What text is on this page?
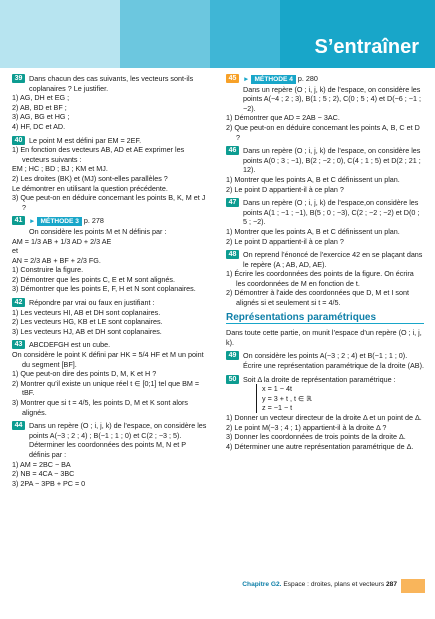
S’entraîner
39 Dans chacun des cas suivants, les vecteurs sont-ils coplanaires ? Le justifier.
1) AG, DH et EG ;
2) AB, BD et BF ;
3) AG, BG et HG ;
4) HF, DC et AD.
40 Le point M est défini par EM = 2EF.
1) En fonction des vecteurs AB, AD et AE exprimer les vecteurs suivants :
EM ; HC ; BD ; BJ ; KM et MJ.
2) Les droites (BK) et (MJ) sont-elles parallèles ?
Le démontrer en utilisant la question précédente.
3) Que peut-on en déduire concernant les points B, K, M et J ?
41	► MÉTHODE 3 p. 278
On considère les points M et N définis par :
AM = 1/3 AB + 1/3 AD + 2/3 AE
et
AN = 2/3 AB + BF + 2/3 FG.
1) Construire la figure.
2) Démontrer que les points C, E et M sont alignés.
3) Démontrer que les points E, F, H et N sont coplanaires.
42 Répondre par vrai ou faux en justifiant :
1) Les vecteurs HI, AB et DH sont coplanaires.
2) Les vecteurs HG, KB et LE sont coplanaires.
3) Les vecteurs HJ, AB et DH sont coplanaires.
43 ABCDEFGH est un cube.
On considère le point K défini par HK = 5/4 HF et M un point du segment [BF].
1) Que peut-on dire des points D, M, K et H ?
2) Montrer qu’il existe un unique réel t ∈ [0;1] tel que BM = tBF.
3) Montrer que si t = 4/5, les points D, M et K sont alors alignés.
44 Dans un repère (O ; i, j, k) de l’espace, on considère les points A(−3 ; 2 ; 4) ; B(−1 ; 1 ; 0) et C(2 ; −3 ; 5). Déterminer les coordonnées des points M, N et P définis par :
1) AM = 2BC − BA
2) NB = 4CA − 3BC
3) 2PA − 3PB + PC = 0
45	► MÉTHODE 4 p. 280
Dans un repère (O ; i, j, k) de l’espace, on considère les points A(−4 ; 2 ; 3), B(1 ; 5 ; 2), C(0 ; 5 ; 4) et D(−6 ; −1 ; −2).
1) Démontrer que AD = 2AB − 3AC.
2) Que peut-on en déduire concernant les points A, B, C et D ?
46 Dans un repère (O ; i, j, k) de l’espace, on considère les points A(0 ; 3 ; −1), B(2 ; −2 ; 0), C(4 ; 1 ; 5) et D(2 ; 21 ; 12).
1) Montrer que les points A, B et C définissent un plan.
2) Le point D appartient-il à ce plan ?
47 Dans un repère (O ; i, j, k) de l’espace,on considère les points A(1 ; −1 ; −1), B(5 ; 0 ; −3), C(2 ; −2 ; −2) et D(0 ; 5 ; −2).
1) Montrer que les points A, B et C définissent un plan.
2) Le point D appartient-il à ce plan ?
48 On reprend l’énoncé de l’exercice 42 en se plaçant dans le repère (A ; AB, AD, AE).
1) Écrire les coordonnées des points de la figure. On écrira les coordonnées de M en fonction de t.
2) Démontrer à l’aide des coordonnées que D, M et I sont alignés si et seulement si t = 4/5.
Représentations paramétriques
Dans toute cette partie, on munit l’espace d’un repère (O ; i, j, k).
49 On considère les points A(−3 ; 2 ; 4) et B(−1 ; 1 ; 0). Écrire une représentation paramétrique de la droite (AB).
50 Soit Δ la droite de représentation paramétrique :
x = 1 − 4t
y = 3 + t , t ∈ ℝ
z = −1 − t
1) Donner un vecteur directeur de la droite Δ et un point de Δ.
2) Le point M(−3 ; 4 ; 1) appartient-il à la droite Δ ?
3) Donner les coordonnées de trois points de la droite Δ.
4) Déterminer une autre représentation paramétrique de Δ.
Chapitre G2. Espace : droites, plans et vecteurs 287
